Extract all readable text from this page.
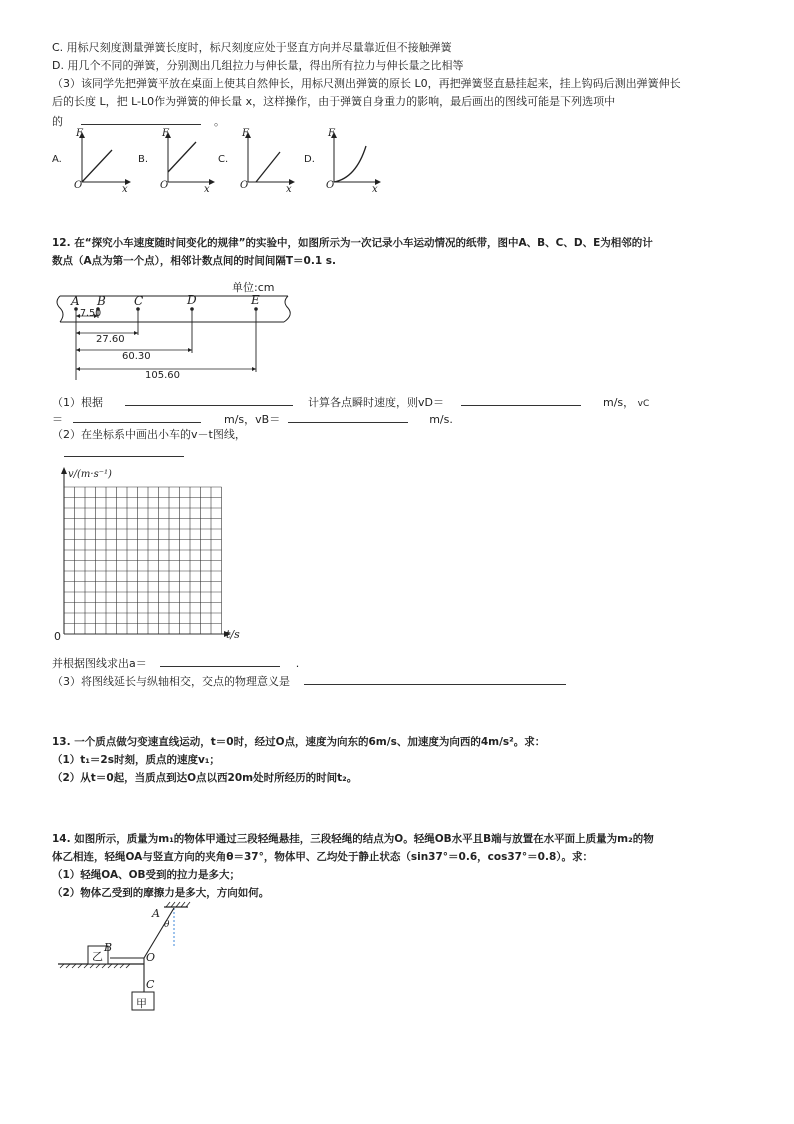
C. 用标尺刻度测量弹簧长度时，标尺刻度应处于竖直方向并尽量靠近但不接触弹簧
D. 用几个不同的弹簧，分别测出几组拉力与伸长量，得出所有拉力与伸长量之比相等
（3）该同学先把弹簧平放在桌面上使其自然伸长，用标尺测出弹簧的原长 L0，再把弹簧竖直悬挂起来，挂上钩码后测出弹簧伸长
后的长度 L，把 L-L0作为弹簧的伸长量 x，这样操作，由于弹簧自身重力的影响，最后画出的图线可能是下列选项中
的	。
A.
F
O	x
B.
F
O	x
C.
F
O	x
D.
F
O	x
12. 在“探究小车速度随时间变化的规律”的实验中，如图所示为一次记录小车运动情况的纸带，图中A、B、C、D、E为相邻的计
数点（A点为第一个点），相邻计数点间的时间间隔T＝0.1 s.
单位:cm
A B C	D	E
7.50
27.60
60.30
105.60
（1）根据	计算各点瞬时速度，则vD＝	m/s， vC
＝	m/s，vB＝	m/s.
（2）在坐标系中画出小车的v－t图线，
v/(m·s⁻¹)
t/s
0
并根据图线求出a＝	.
（3）将图线延长与纵轴相交，交点的物理意义是
13. 一个质点做匀变速直线运动，t＝0时，经过O点，速度为向东的6m/s、加速度为向西的4m/s²。求：
（1）t₁＝2s时刻，质点的速度v₁；
（2）从t＝0起，当质点到达O点以西20m处时所经历的时间t₂。
14. 如图所示，质量为m₁的物体甲通过三段轻绳悬挂，三段轻绳的结点为O。轻绳OB水平且B端与放置在水平面上质量为m₂的物
体乙相连，轻绳OA与竖直方向的夹角θ＝37°，物体甲、乙均处于静止状态（sin37°＝0.6，cos37°＝0.8）。求：
（1）轻绳OA、OB受到的拉力是多大；
（2）物体乙受到的摩擦力是多大，方向如何。
A
θ
B
O
C
乙
甲
